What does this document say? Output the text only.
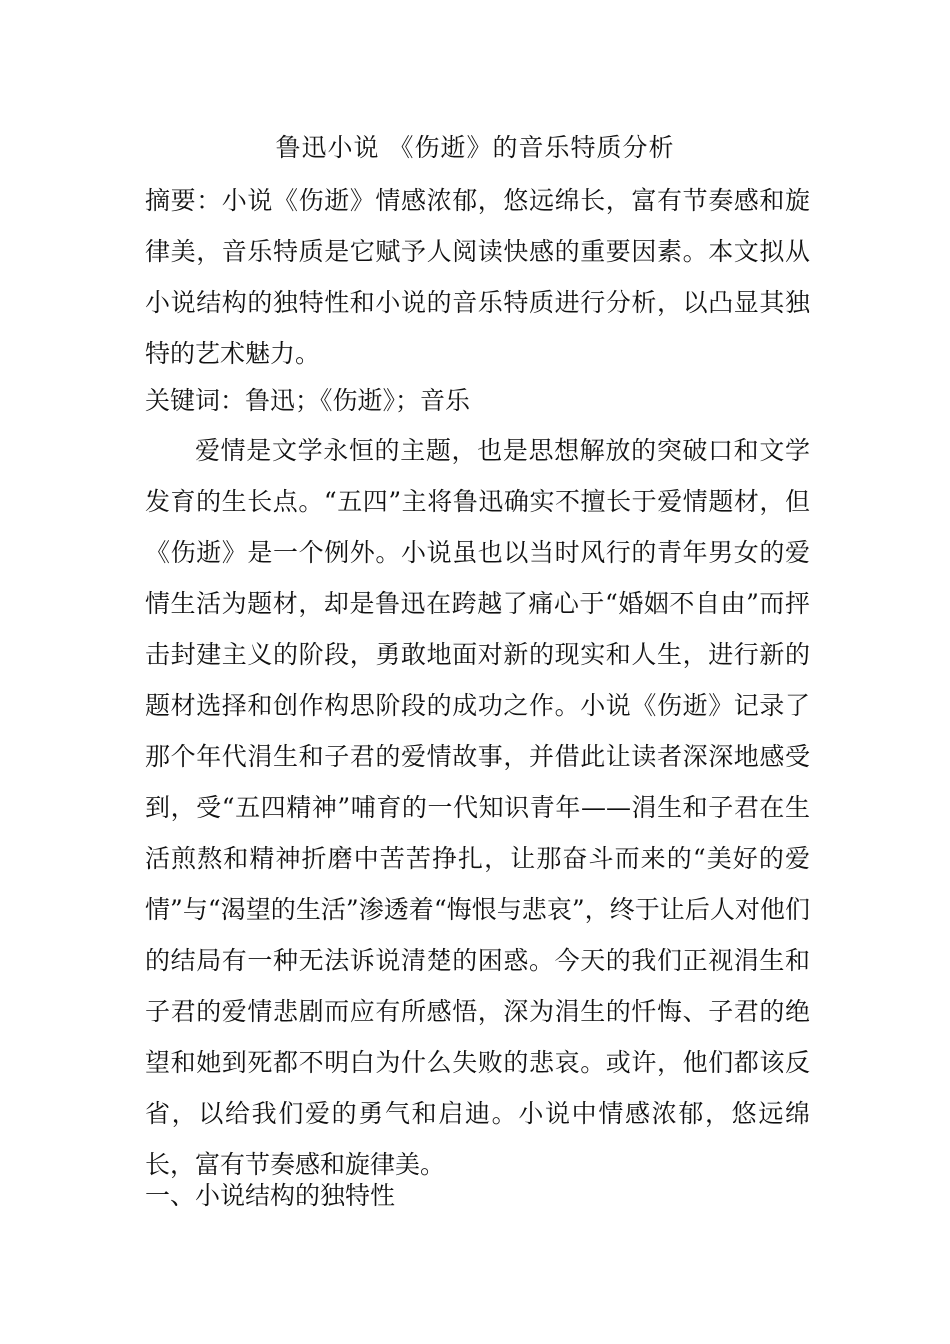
鲁迅小说 《伤逝》的音乐特质分析
摘要：小说《伤逝》情感浓郁，悠远绵长，富有节奏感和旋律美，音乐特质是它赋予人阅读快感的重要因素。本文拟从小说结构的独特性和小说的音乐特质进行分析，以凸显其独特的艺术魅力。
关键词：鲁迅；《伤逝》；音乐
爱情是文学永恒的主题，也是思想解放的突破口和文学发育的生长点。“五四”主将鲁迅确实不擅长于爱情题材，但《伤逝》是一个例外。小说虽也以当时风行的青年男女的爱情生活为题材，却是鲁迅在跨越了痛心于“婚姻不自由”而抨击封建主义的阶段，勇敢地面对新的现实和人生，进行新的题材选择和创作构思阶段的成功之作。小说《伤逝》记录了那个年代涓生和子君的爱情故事，并借此让读者深深地感受到，受“五四精神”哺育的一代知识青年——涓生和子君在生活煎熬和精神折磨中苦苦挣扎，让那奋斗而来的“美好的爱情”与“渴望的生活”渗透着“悔恨与悲哀”，终于让后人对他们的结局有一种无法诉说清楚的困惑。今天的我们正视涓生和子君的爱情悲剧而应有所感悟，深为涓生的忏悔、子君的绝望和她到死都不明白为什么失败的悲哀。或许，他们都该反省，以给我们爱的勇气和启迪。小说中情感浓郁，悠远绵长，富有节奏感和旋律美。
一、小说结构的独特性
